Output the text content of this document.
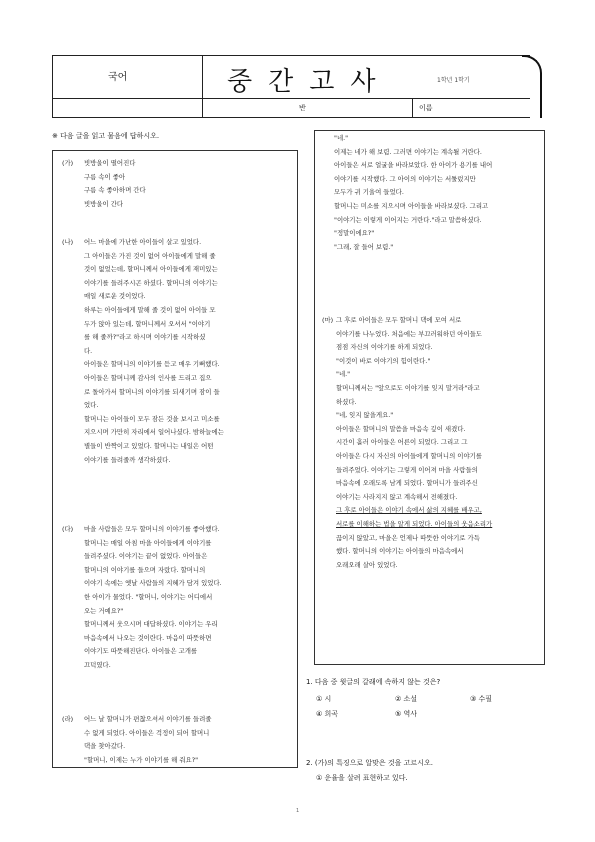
국어	중간고사	1학년 1학기
반	이름
※ 다음 글을 읽고 물음에 답하시오.
(가) 빗방울이 떨어진다
구름 속이 좋아
구름 속 좋아하며 간다
빗방울이 간다
(나) 어느 마을에 가난한 아이들이 살고 있었다.
그 아이들은 가진 것이 없어 아이들에게 말해 줄
것이 없었는데, 할머니께서 아이들에게 재미있는
이야기를 들려주시곤 하셨다. 할머니의 이야기는
매일 새로운 것이었다.
하루는 아이들에게 말해 줄 것이 없어 아이들 모
두가 앉아 있는데, 할머니께서 오셔서 "이야기
를 해 줄까?"라고 하시며 이야기를 시작하셨
다.
아이들은 할머니의 이야기를 듣고 매우 기뻐했다.
아이들은 할머니께 감사의 인사를 드리고 집으
로 돌아가서 할머니의 이야기를 되새기며 잠이 들
었다.
할머니는 아이들이 모두 잠든 것을 보시고 미소를
지으시며 가만히 자리에서 일어나셨다. 밤하늘에는
별들이 반짝이고 있었다. 할머니는 내일은 어떤
이야기를 들려줄까 생각하셨다.
(다) 마을 사람들은 모두 할머니의 이야기를 좋아했다.
할머니는 매일 아침 마을 아이들에게 이야기를
들려주셨다. 이야기는 끝이 없었다. 아이들은
할머니의 이야기를 들으며 자랐다. 할머니의
이야기 속에는 옛날 사람들의 지혜가 담겨 있었다.
한 아이가 물었다. "할머니, 이야기는 어디에서
오는 거예요?"
할머니께서 웃으시며 대답하셨다. 이야기는 우리
마음속에서 나오는 것이란다. 마음이 따뜻하면
이야기도 따뜻해진단다. 아이들은 고개를
끄덕였다.
(라) 어느 날 할머니가 편찮으셔서 이야기를 들려줄
수 없게 되었다. 아이들은 걱정이 되어 할머니
댁을 찾아갔다.
"할머니, 이제는 누가 이야기를 해 줘요?"
"네."
이제는 네가 해 보렴. 그러면 이야기는 계속될 거란다.
아이들은 서로 얼굴을 바라보았다. 한 아이가 용기를 내어
이야기를 시작했다. 그 아이의 이야기는 서툴렀지만
모두가 귀 기울여 들었다.
할머니는 미소를 지으시며 아이들을 바라보셨다. 그리고
"이야기는 이렇게 이어지는 거란다."라고 말씀하셨다.
"정말이에요?"
"그래, 잘 들어 보렴."
(마) 그 후로 아이들은 모두 할머니 댁에 모여 서로
이야기를 나누었다. 처음에는 부끄러워하던 아이들도
점점 자신의 이야기를 하게 되었다.
"이것이 바로 이야기의 힘이란다."
"네."
할머니께서는 "앞으로도 이야기를 잊지 말거라"라고
하셨다.
"네, 잊지 않을게요."
아이들은 할머니의 말씀을 마음속 깊이 새겼다.
시간이 흘러 아이들은 어른이 되었다. 그리고 그
아이들은 다시 자신의 아이들에게 할머니의 이야기를
들려주었다. 이야기는 그렇게 이어져 마을 사람들의
마음속에 오래도록 남게 되었다. 할머니가 들려주신
이야기는 사라지지 않고 계속해서 전해졌다.
그 후로 아이들은 이야기 속에서 삶의 지혜를 배우고,
서로를 이해하는 법을 알게 되었다. 아이들의 웃음소리가
끊이지 않았고, 마을은 언제나 따뜻한 이야기로 가득
했다. 할머니의 이야기는 아이들의 마음속에서
오래오래 살아 있었다.
1. 다음 중 윗글의 갈래에 속하지 않는 것은?
① 시	② 소설	③ 수필
④ 희곡	⑤ 역사
2. (가)의 특징으로 알맞은 것을 고르시오.
① 운율을 살려 표현하고 있다.
1
